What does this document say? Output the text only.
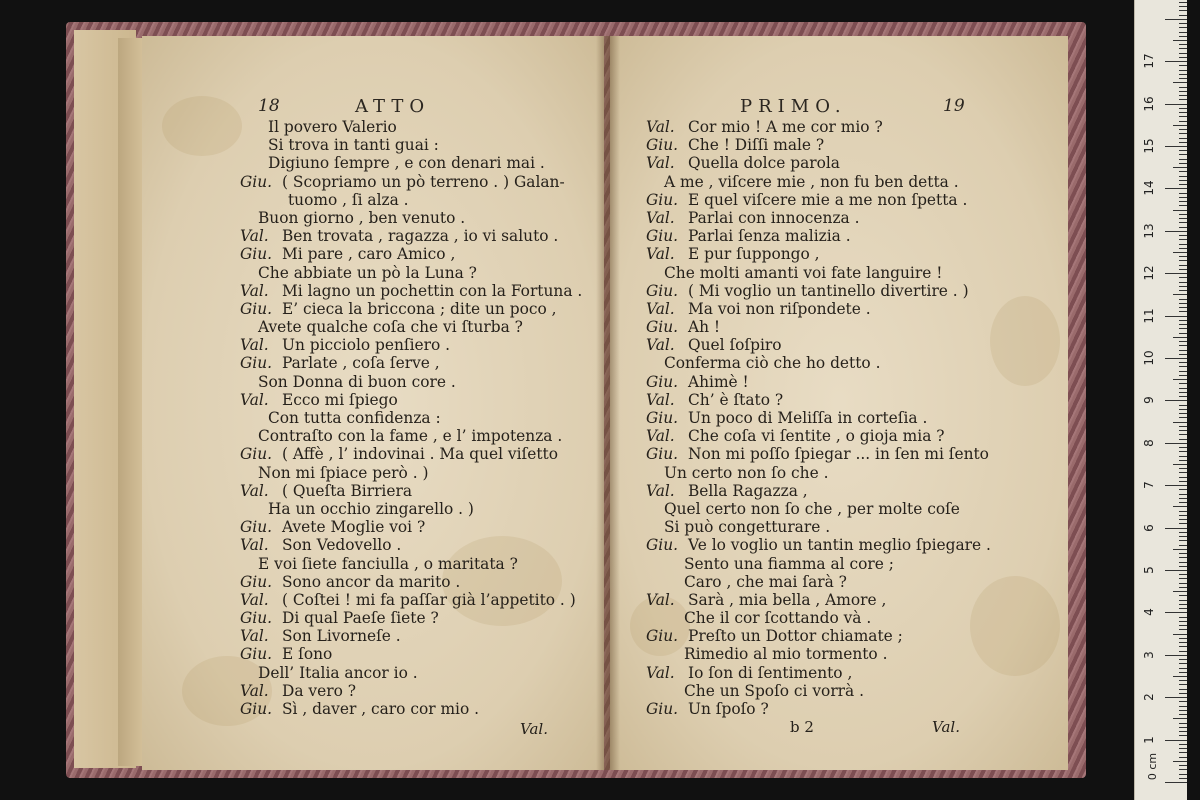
18	ATTO	PRIMO.	19
Il povero Valerio
Si trova in tanti guai :
Digiuno ſempre , e con denari mai .
Giu. ( Scopriamo un pò terreno . ) Galan-
tuomo , ſi alza .
Buon giorno , ben venuto .
Val. Ben trovata , ragazza , io vi saluto .
Giu. Mi pare , caro Amico ,
Che abbiate un pò la Luna ?
Val. Mi lagno un pochettin con la Fortuna .
Giu. E’ cieca la briccona ; dite un poco ,
Avete qualche coſa che vi ſturba ?
Val. Un picciolo penſiero .
Giu. Parlate , coſa ſerve ,
Son Donna di buon core .
Val. Ecco mi ſpiego
Con tutta confidenza :
Contraſto con la fame , e l’ impotenza .
Giu. ( Affè , l’ indovinai . Ma quel viſetto
Non mi ſpiace però . )
Val. ( Queſta Birriera
Ha un occhio zingarello . )
Giu. Avete Moglie voi ?
Val. Son Vedovello .
E voi ſiete fanciulla , o maritata ?
Giu. Sono ancor da marito .
Val. ( Coſtei ! mi fa paſſar già l’appetito . )
Giu. Di qual Paeſe ſiete ?
Val. Son Livorneſe .
Giu. E ſono
Dell’ Italia ancor io .
Val. Da vero ?
Giu. Sì , daver , caro cor mio .
Val. Cor mio ! A me cor mio ?
Giu. Che ! Diſſi male ?
Val. Quella dolce parola
A me , viſcere mie , non fu ben detta .
Giu. E quel viſcere mie a me non ſpetta .
Val. Parlai con innocenza .
Giu. Parlai ſenza malizia .
Val. E pur ſuppongo ,
Che molti amanti voi fate languire !
Giu. ( Mi voglio un tantinello divertire . )
Val. Ma voi non riſpondete .
Giu. Ah !
Val. Quel ſoſpiro
Conferma ciò che ho detto .
Giu. Ahimè !
Val. Ch’ è ſtato ?
Giu. Un poco di Meliſſa in corteſia .
Val. Che coſa vi ſentite , o gioja mia ?
Giu. Non mi poſſo ſpiegar ... in ſen mi ſento
Un certo non ſo che .
Val. Bella Ragazza ,
Quel certo non ſo che , per molte coſe
Si può congetturare .
Giu. Ve lo voglio un tantin meglio ſpiegare .
Sento una fiamma al core ;
Caro , che mai ſarà ?
Val. Sarà , mia bella , Amore ,
Che il cor ſcottando và .
Giu. Preſto un Dottor chiamate ;
Rimedio al mio tormento .
Val. Io ſon di ſentimento ,
Che un Spoſo ci vorrà .
Giu. Un ſpoſo ?
Val.	b 2	Val.
0 cm
1
2
3
4
5
6
7
8
9
10
11
12
13
14
15
16
17
